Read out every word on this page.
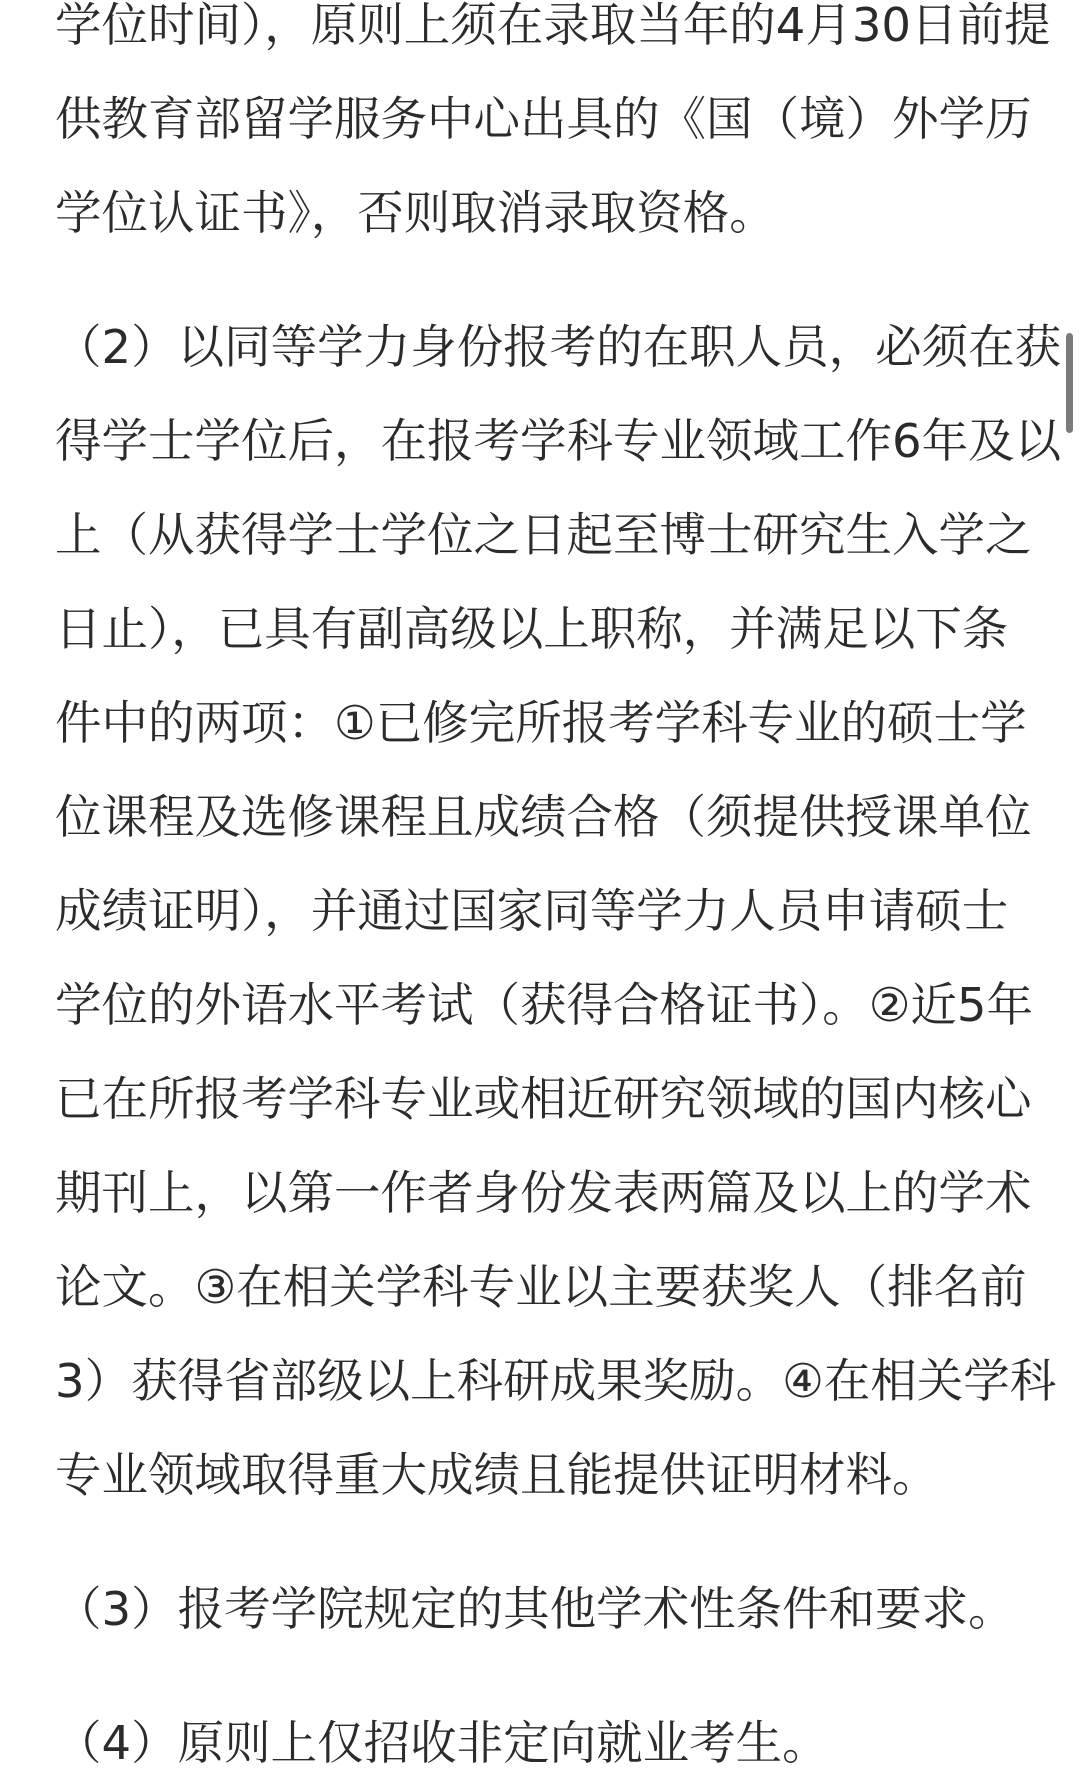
学位时间），原则上须在录取当年的4月30日前提
供教育部留学服务中心出具的《国（境）外学历
学位认证书》，否则取消录取资格。
（2）以同等学力身份报考的在职人员，必须在获
得学士学位后，在报考学科专业领域工作6年及以
上（从获得学士学位之日起至博士研究生入学之
日止），已具有副高级以上职称，并满足以下条
件中的两项：①已修完所报考学科专业的硕士学
位课程及选修课程且成绩合格（须提供授课单位
成绩证明），并通过国家同等学力人员申请硕士
学位的外语水平考试（获得合格证书）。②近5年
已在所报考学科专业或相近研究领域的国内核心
期刊上，以第一作者身份发表两篇及以上的学术
论文。③在相关学科专业以主要获奖人（排名前
3）获得省部级以上科研成果奖励。④在相关学科
专业领域取得重大成绩且能提供证明材料。
（3）报考学院规定的其他学术性条件和要求。
（4）原则上仅招收非定向就业考生。
